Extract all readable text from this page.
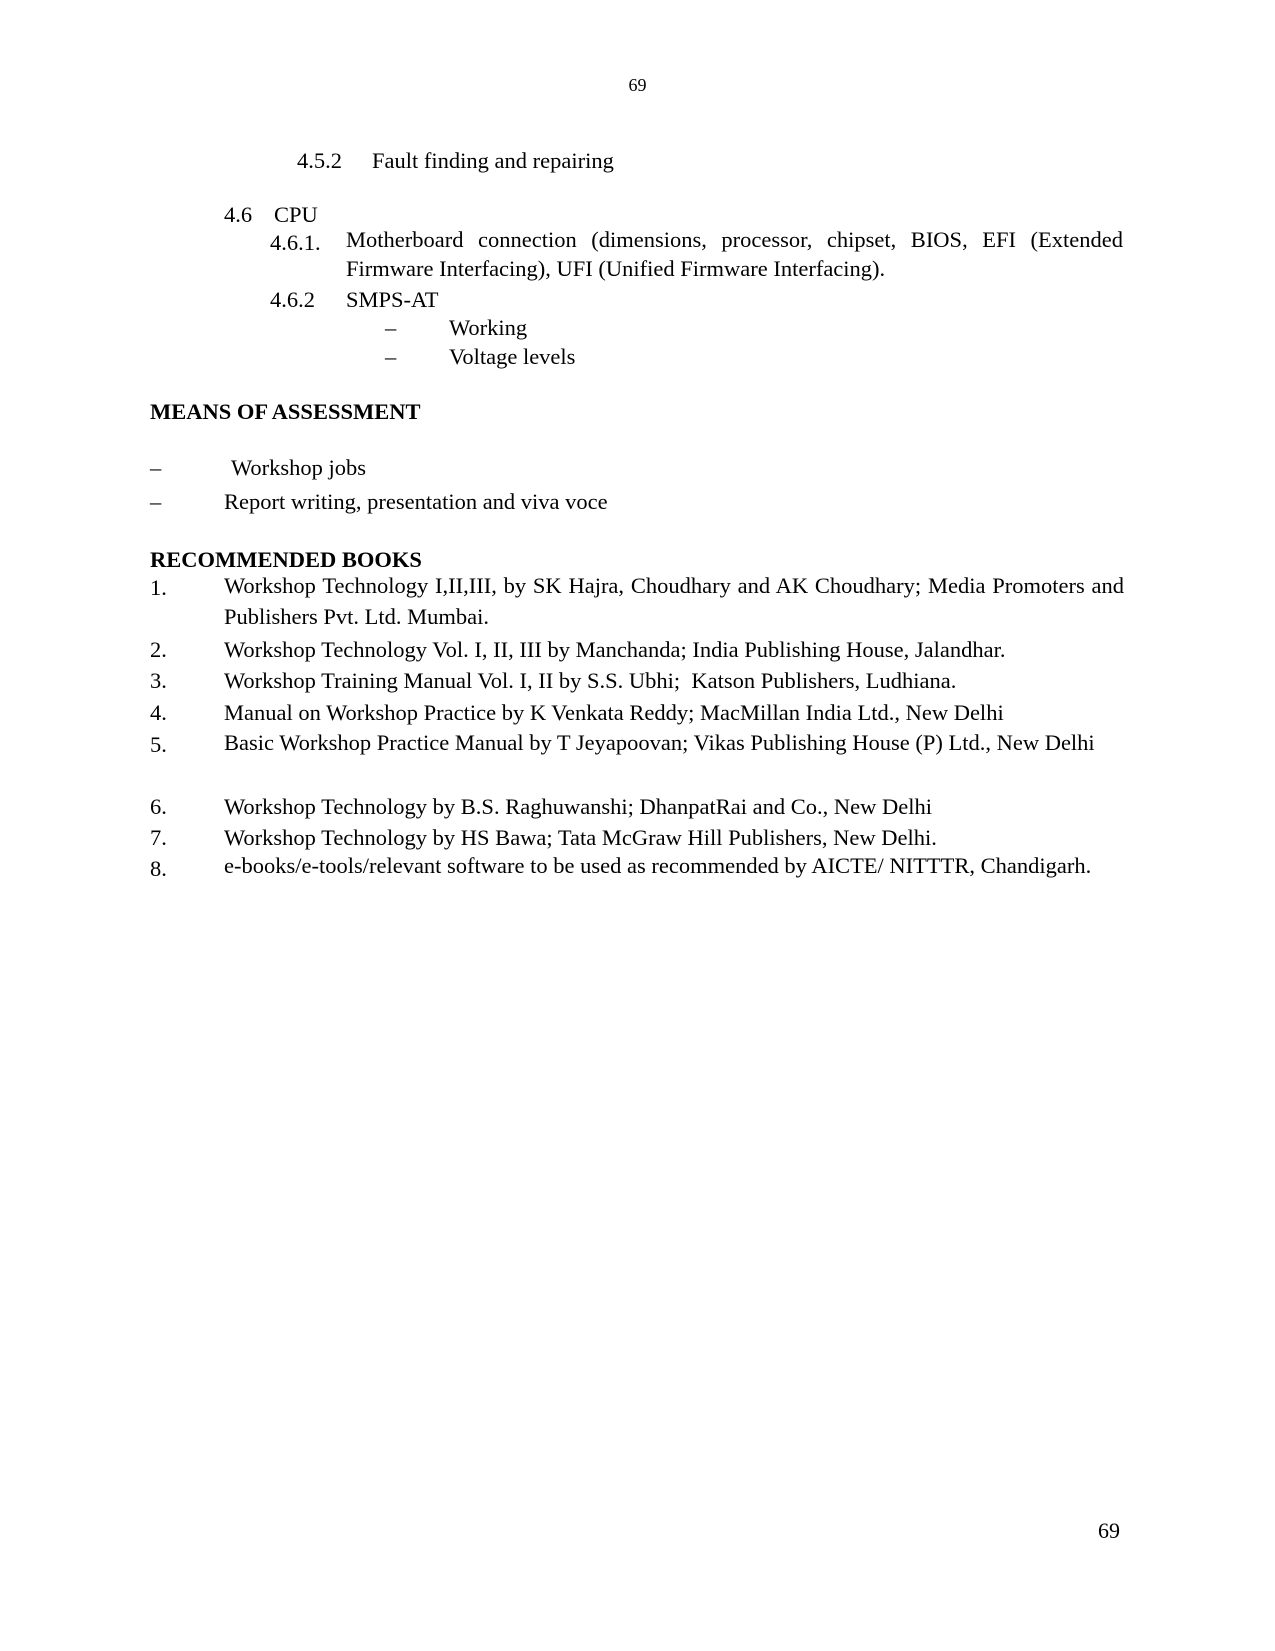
69
4.5.2 Fault finding and repairing
4.6 CPU
4.6.1. Motherboard connection (dimensions, processor, chipset, BIOS, EFI (Extended Firmware Interfacing), UFI (Unified Firmware Interfacing).
4.6.2 SMPS-AT
– Working
– Voltage levels
MEANS OF ASSESSMENT
–	Workshop jobs
–	Report writing, presentation and viva voce
RECOMMENDED BOOKS
1.	Workshop Technology I,II,III, by SK Hajra, Choudhary and AK Choudhary; Media Promoters and Publishers Pvt. Ltd. Mumbai.
2.	Workshop Technology Vol. I, II, III by Manchanda; India Publishing House, Jalandhar.
3.	Workshop Training Manual Vol. I, II by S.S. Ubhi;  Katson Publishers, Ludhiana.
4.	Manual on Workshop Practice by K Venkata Reddy; MacMillan India Ltd., New Delhi
5.	Basic Workshop Practice Manual by T Jeyapoovan; Vikas Publishing House (P) Ltd., New Delhi
6.	Workshop Technology by B.S. Raghuwanshi; DhanpatRai and Co., New Delhi
7.	Workshop Technology by HS Bawa; Tata McGraw Hill Publishers, New Delhi.
8.	e-books/e-tools/relevant software to be used as recommended by AICTE/ NITTTR, Chandigarh.
69
